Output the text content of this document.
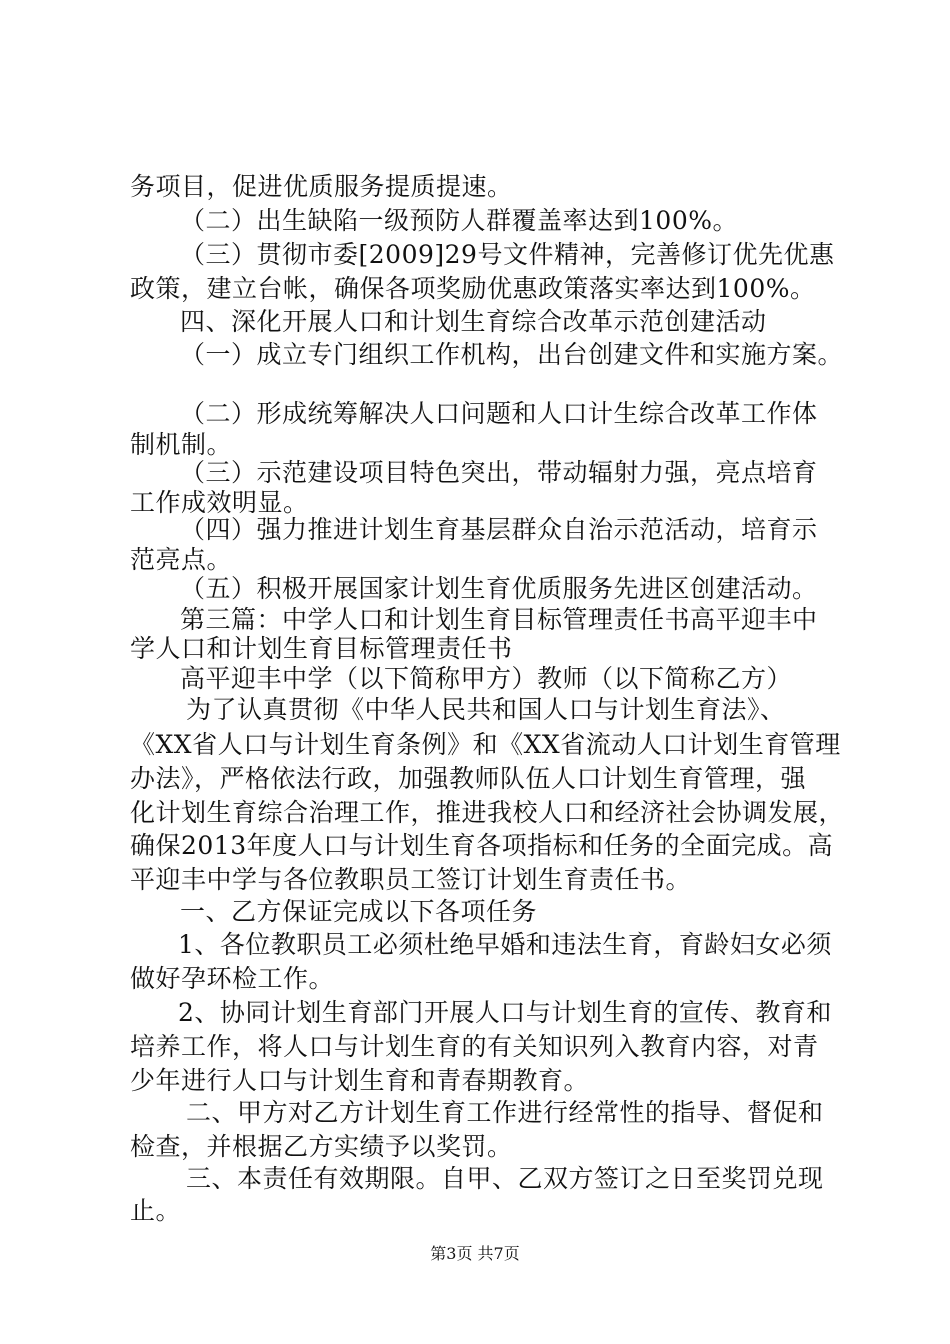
务项目，促进优质服务提质提速。
（二）出生缺陷一级预防人群覆盖率达到100%。
（三）贯彻市委[2009]29号文件精神，完善修订优先优惠
政策，建立台帐，确保各项奖励优惠政策落实率达到100%。
四、深化开展人口和计划生育综合改革示范创建活动
（一）成立专门组织工作机构，出台创建文件和实施方案。
（二）形成统筹解决人口问题和人口计生综合改革工作体
制机制。
（三）示范建设项目特色突出，带动辐射力强，亮点培育
工作成效明显。
（四）强力推进计划生育基层群众自治示范活动，培育示
范亮点。
（五）积极开展国家计划生育优质服务先进区创建活动。
第三篇：中学人口和计划生育目标管理责任书高平迎丰中
学人口和计划生育目标管理责任书
高平迎丰中学（以下简称甲方）教师（以下简称乙方）
为了认真贯彻《中华人民共和国人口与计划生育法》、
《XX省人口与计划生育条例》和《XX省流动人口计划生育管理
办法》，严格依法行政，加强教师队伍人口计划生育管理，强
化计划生育综合治理工作，推进我校人口和经济社会协调发展，
确保2013年度人口与计划生育各项指标和任务的全面完成。高
平迎丰中学与各位教职员工签订计划生育责任书。
一、乙方保证完成以下各项任务
1、各位教职员工必须杜绝早婚和违法生育，育龄妇女必须
做好孕环检工作。
2、协同计划生育部门开展人口与计划生育的宣传、教育和
培养工作，将人口与计划生育的有关知识列入教育内容，对青
少年进行人口与计划生育和青春期教育。
二、甲方对乙方计划生育工作进行经常性的指导、督促和
检查，并根据乙方实绩予以奖罚。
三、本责任有效期限。自甲、乙双方签订之日至奖罚兑现
止。
第3页 共7页
